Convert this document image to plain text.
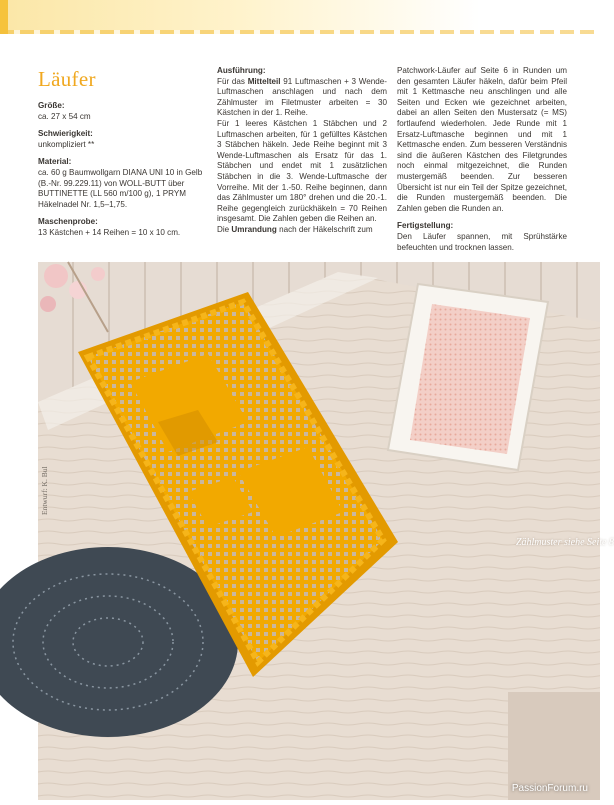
Läufer
Größe:
ca. 27 x 54 cm
Schwierigkeit:
unkompliziert **
Material:
ca. 60 g Baumwollgarn DIANA UNI 10 in Gelb (B.-Nr. 99.229.11) von WOLL-BUTT über BUTTINETTE (LL 560 m/100 g), 1 PRYM Häkelnadel Nr. 1,5–1,75.
Maschenprobe:
13 Kästchen + 14 Reihen = 10 x 10 cm.
Ausführung:

Für das Mittelteil 91 Luftmaschen + 3 Wende-Luftmaschen anschlagen und nach dem Zählmuster im Filetmuster arbeiten = 30 Kästchen in der 1. Reihe.

Für 1 leeres Kästchen 1 Stäbchen und 2 Luftmaschen arbeiten, für 1 gefülltes Kästchen 3 Stäbchen häkeln. Jede Reihe beginnt mit 3 Wende-Luftmaschen als Ersatz für das 1. Stäbchen und endet mit 1 zusätzlichen Stäbchen in die 3. Wende-Luftmasche der Vorreihe. Mit der 1.-50. Reihe beginnen, dann das Zählmuster um 180° drehen und die 20.-1. Reihe gegengleich zurückhäkeln = 70 Reihen insgesamt. Die Zahlen geben die Reihen an.

Die Umrandung nach der Häkelschrift zum

Patchwork-Läufer auf Seite 6 in Runden um den gesamten Läufer häkeln, dafür beim Pfeil mit 1 Kettmasche neu anschlingen und alle Seiten und Ecken wie gezeichnet arbeiten, dabei an allen Seiten den Mustersatz (= MS) fortlaufend wiederholen. Jede Runde mit 1 Ersatz-Luftmasche beginnen und mit 1 Kettmasche enden. Zum besseren Verständnis sind die äußeren Kästchen des Filetgrundes noch einmal mitgezeichnet, die Runden mustergemäß beenden. Zur besseren Übersicht ist nur ein Teil der Spitze gezeichnet, die Runden mustergemäß beenden. Die Zahlen geben die Runden an.

Fertigstellung:
Den Läufer spannen, mit Sprühstärke befeuchten und trocknen lassen.
Zählmuster siehe Seite 8
PassionForum.ru
Entwurf: K. Bul
